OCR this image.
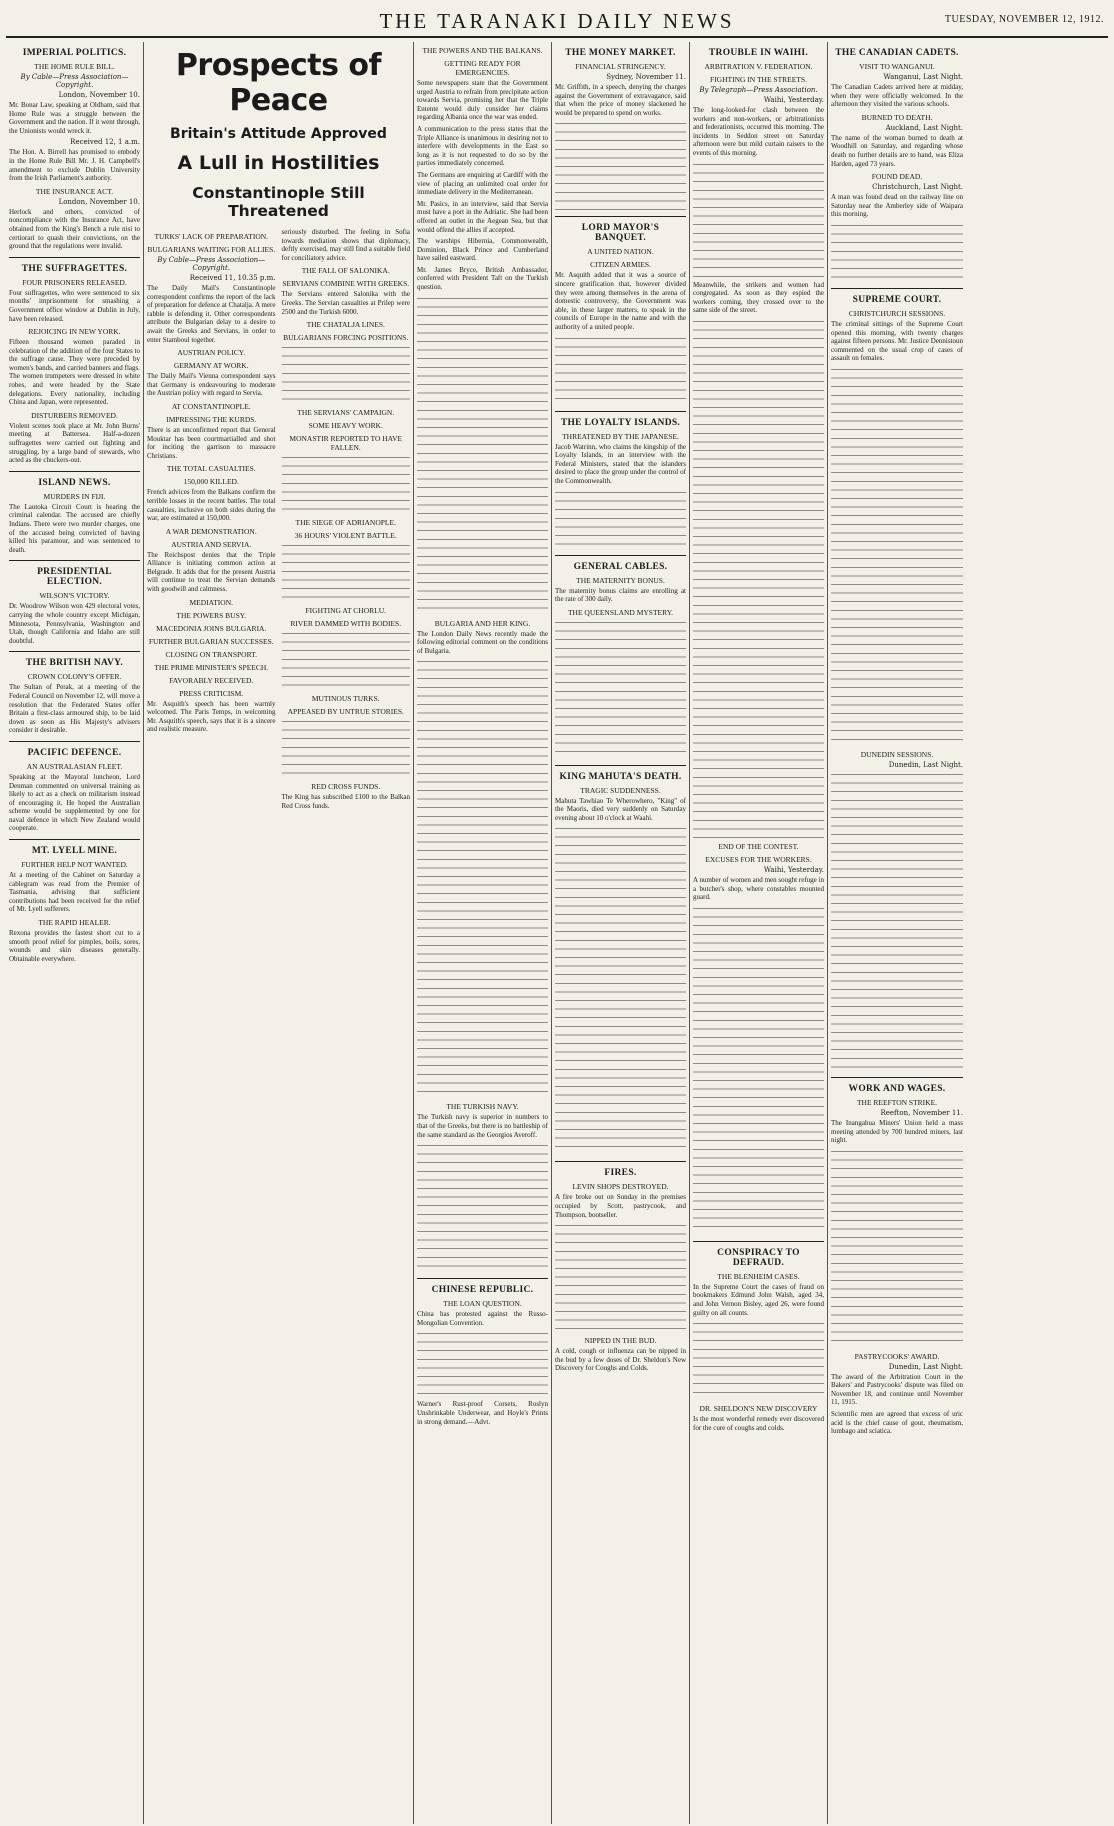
THE TARANAKI DAILY NEWS	TUESDAY, NOVEMBER 12, 1912.
IMPERIAL POLITICS.
THE HOME RULE BILL.
By Cable—Press Association—Copyright.
London, November 10.

Mr. Bonar Law, speaking at Oldham, said that Home Rule was a struggle between the Government and the nation. If it went through, the Unionists would wreck it.

Received 12, 1 a.m.

The Hon. A. Birrell has promised to embody in the Home Rule Bill Mr. J. H. Campbell's amendment to exclude Dublin University from the Irish Parliament's authority.

THE INSURANCE ACT.
London, November 10.

Herlock and others, convicted of noncompliance with the Insurance Act, have obtained from the King's Bench a rule nisi to certiorari to quash their convictions, on the ground that the regulations were invalid.

THE SUFFRAGETTES.
FOUR PRISONERS RELEASED.

Four suffragettes, who were sentenced to six months' imprisonment for smashing a Government office window at Dublin in July, have been released.

REJOICING IN NEW YORK.

Fifteen thousand women paraded in celebration of the addition of the four States to the suffrage cause. They were preceded by women's bands, and carried banners and flags. The women trumpeters were dressed in white robes, and were headed by the State delegations. Every nationality, including China and Japan, were represented.

DISTURBERS REMOVED.

Violent scenes took place at Mr. John Burns' meeting at Battersea. Half-a-dozen suffragettes were carried out fighting and struggling, by a large band of stewards, who acted as the chuckers-out.

ISLAND NEWS.
MURDERS IN FIJI.

The Lautoka Circuit Court is hearing the criminal calendar. The accused are chiefly Indians. There were two murder charges, one of the accused being convicted of having killed his paramour, and was sentenced to death.

PRESIDENTIAL ELECTION.
WILSON'S VICTORY.

Dr. Woodrow Wilson won 429 electoral votes, carrying the whole country except Michigan, Minnesota, Pennsylvania, Washington and Utah, though California and Idaho are still doubtful.

THE BRITISH NAVY.
CROWN COLONY'S OFFER.

The Sultan of Perak, at a meeting of the Federal Council on November 12, will move a resolution that the Federated States offer Britain a first-class armoured ship, to be laid down as soon as His Majesty's advisers consider it desirable.

PACIFIC DEFENCE.
AN AUSTRALASIAN FLEET.

Speaking at the Mayoral luncheon, Lord Denman commented on universal training as likely to act as a check on militarism instead of encouraging it. He hoped the Australian scheme would be supplemented by one for naval defence in which New Zealand would cooperate.

MT. LYELL MINE.
FURTHER HELP NOT WANTED.

At a meeting of the Cabinet on Saturday a cablegram was read from the Premier of Tasmania, advising that sufficient contributions had been received for the relief of Mt. Lyell sufferers.

THE RAPID HEALER.

Rexona provides the fastest short cut to a smooth proof relief for pimples, boils, sores, wounds and skin diseases generally. Obtainable everywhere.

Prospects of Peace
Britain's Attitude Approved
A Lull in Hostilities
Constantinople Still Threatened
TURKS' LACK OF PREPARATION.
BULGARIANS WAITING FOR ALLIES.
By Cable—Press Association—Copyright.
Received 11, 10.35 p.m.

The Daily Mail's Constantinople correspondent confirms the report of the lack of preparation for defence at Chatalja. A mere rabble is defending it. Other correspondents attribute the Bulgarian delay to a desire to await the Greeks and Servians, in order to enter Stamboul together.

AUSTRIAN POLICY.
GERMANY AT WORK.

The Daily Mail's Vienna correspondent says that Germany is endeavouring to moderate the Austrian policy with regard to Servia.

AT CONSTANTINOPLE.
IMPRESSING THE KURDS.

There is an unconfirmed report that General Mouktar has been courtmartialled and shot for inciting the garrison to massacre Christians.

THE TOTAL CASUALTIES.
150,000 KILLED.

French advices from the Balkans confirm the terrible losses in the recent battles. The total casualties, inclusive on both sides during the war, are estimated at 150,000.

A WAR DEMONSTRATION.
AUSTRIA AND SERVIA.

The Reichspost denies that the Triple Alliance is initiating common action at Belgrade. It adds that for the present Austria will continue to treat the Servian demands with goodwill and calmness.

MEDIATION.
THE POWERS BUSY.
MACEDONIA JOINS BULGARIA.
FURTHER BULGARIAN SUCCESSES.
CLOSING ON TRANSPORT.
THE PRIME MINISTER'S SPEECH.
FAVORABLY RECEIVED.
PRESS CRITICISM.

Mr. Asquith's speech has been warmly welcomed. The Paris Temps, in welcoming Mr. Asquith's speech, says that it is a sincere and realistic measure.

seriously disturbed. The feeling in Sofia towards mediation shows that diplomacy, deftly exercised, may still find a suitable field for conciliatory advice.

THE FALL OF SALONIKA.
SERVIANS COMBINE WITH GREEKS.

The Servians entered Salonika with the Greeks. The Servian casualties at Prilep were 2500 and the Turkish 6000.

THE CHATALJA LINES.
BULGARIANS FORCING POSITIONS.
THE SERVIANS' CAMPAIGN.
SOME HEAVY WORK.
MONASTIR REPORTED TO HAVE FALLEN.
THE SIEGE OF ADRIANOPLE.
36 HOURS' VIOLENT BATTLE.
FIGHTING AT CHORLU.
RIVER DAMMED WITH BODIES.
MUTINOUS TURKS.
APPEASED BY UNTRUE STORIES.
RED CROSS FUNDS.

The King has subscribed £100 to the Balkan Red Cross funds.

THE POWERS AND THE BALKANS.
GETTING READY FOR EMERGENCIES.

Some newspapers state that the Government urged Austria to refrain from precipitate action towards Servia, promising her that the Triple Entente would duly consider her claims regarding Albania once the war was ended.

A communication to the press states that the Triple Alliance is unanimous in desiring not to interfere with developments in the East so long as it is not requested to do so by the parties immediately concerned.

The Germans are enquiring at Cardiff with the view of placing an unlimited coal order for immediate delivery in the Mediterranean.

Mr. Pasics, in an interview, said that Servia must have a port in the Adriatic. She had been offered an outlet in the Aegean Sea, but that would offend the allies if accepted.

The warships Hibernia, Commonwealth, Dominion, Black Prince and Cumberland have sailed eastward.

Mr. James Bryce, British Ambassador, conferred with President Taft on the Turkish question.

BULGARIA AND HER KING.

The London Daily News recently made the following editorial comment on the conditions of Bulgaria.

THE TURKISH NAVY.

The Turkish navy is superior in numbers to that of the Greeks, but there is no battleship of the same standard as the Georgios Averoff.

CHINESE REPUBLIC.
THE LOAN QUESTION.

China has protested against the Russo-Mongolian Convention.

Warner's Rust-proof Corsets, Roslyn Unshrinkable Underwear, and Hoyle's Prints in strong demand.—Advt.

THE MONEY MARKET.
FINANCIAL STRINGENCY.
Sydney, November 11.

Mr. Griffith, in a speech, denying the charges against the Government of extravagance, said that when the price of money slackened he would be prepared to spend on works.

LORD MAYOR'S BANQUET.
A UNITED NATION.
CITIZEN ARMIES.

Mr. Asquith added that it was a source of sincere gratification that, however divided they were among themselves in the arena of domestic controversy, the Government was able, in these larger matters, to speak in the councils of Europe in the name and with the authority of a united people.

THE LOYALTY ISLANDS.
THREATENED BY THE JAPANESE.

Jacob Watrinn, who claims the kingship of the Loyalty Islands, in an interview with the Federal Ministers, stated that the islanders desired to place the group under the control of the Commonwealth.

GENERAL CABLES.
THE MATERNITY BONUS.

The maternity bonus claims are enrolling at the rate of 300 daily.

THE QUEENSLAND MYSTERY.
KING MAHUTA'S DEATH.
TRAGIC SUDDENNESS.

Mahuta Tawhiao Te Wherowhero, "King" of the Maoris, died very suddenly on Saturday evening about 10 o'clock at Waahi.

FIRES.
LEVIN SHOPS DESTROYED.

A fire broke out on Sunday in the premises occupied by Scott, pastrycook, and Thompson, bootseller.

NIPPED IN THE BUD.

A cold, cough or influenza can be nipped in the bud by a few doses of Dr. Sheldon's New Discovery for Coughs and Colds.

TROUBLE IN WAIHI.
ARBITRATION V. FEDERATION.
FIGHTING IN THE STREETS.
By Telegraph—Press Association.
Waihi, Yesterday.

The long-looked-for clash between the workers and non-workers, or arbitrationists and federationists, occurred this morning. The incidents in Seddon street on Saturday afternoon were but mild curtain raisers to the events of this morning.

Meanwhile, the strikers and women had congregated. As soon as they espied the workers coming, they crossed over to the same side of the street.

END OF THE CONTEST.
EXCUSES FOR THE WORKERS.
Waihi, Yesterday.

A number of women and men sought refuge in a butcher's shop, where constables mounted guard.

CONSPIRACY TO DEFRAUD.
THE BLENHEIM CASES.

In the Supreme Court the cases of fraud on bookmakers Edmund John Walsh, aged 34, and John Vernon Bisley, aged 26, were found guilty on all counts.

DR. SHELDON'S NEW DISCOVERY

Is the most wonderful remedy ever discovered for the cure of coughs and colds.

THE CANADIAN CADETS.
VISIT TO WANGANUI.
Wanganui, Last Night.

The Canadian Cadets arrived here at midday, when they were officially welcomed. In the afternoon they visited the various schools.

BURNED TO DEATH.
Auckland, Last Night.

The name of the woman burned to death at Woodhill on Saturday, and regarding whose death no further details are to hand, was Eliza Harden, aged 73 years.

FOUND DEAD.
Christchurch, Last Night.

A man was found dead on the railway line on Saturday near the Amberley side of Waipara this morning.

SUPREME COURT.
CHRISTCHURCH SESSIONS.

The criminal sittings of the Supreme Court opened this morning, with twenty charges against fifteen persons. Mr. Justice Dennistoun commented on the usual crop of cases of assault on females.

DUNEDIN SESSIONS.
Dunedin, Last Night.
WORK AND WAGES.
THE REEFTON STRIKE.
Reefton, November 11.

The Inangahua Miners' Union held a mass meeting attended by 700 hundred miners, last night.

PASTRYCOOKS' AWARD.
Dunedin, Last Night.

The award of the Arbitration Court in the Bakers' and Pastrycooks' dispute was filed on November 18, and continue until November 11, 1915.

Scientific men are agreed that excess of uric acid is the chief cause of gout, rheumatism, lumbago and sciatica.
